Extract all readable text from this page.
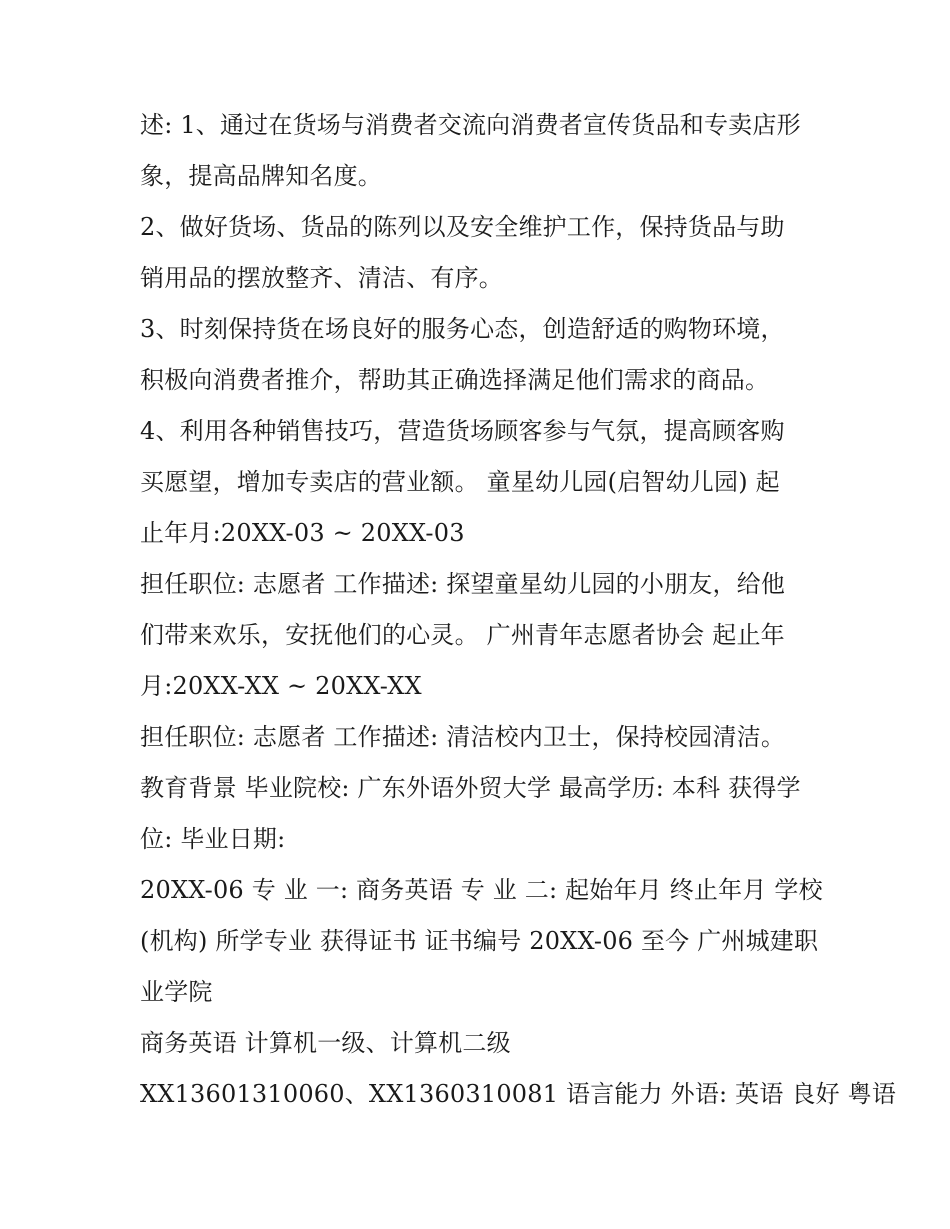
述: 1、通过在货场与消费者交流向消费者宣传货品和专卖店形
象，提高品牌知名度。
2、做好货场、货品的陈列以及安全维护工作，保持货品与助
销用品的摆放整齐、清洁、有序。
3、时刻保持货在场良好的服务心态，创造舒适的购物环境，
积极向消费者推介，帮助其正确选择满足他们需求的商品。
4、利用各种销售技巧，营造货场顾客参与气氛，提高顾客购
买愿望，增加专卖店的营业额。 童星幼儿园(启智幼儿园) 起
止年月:20XX-03 ~ 20XX-03
担任职位: 志愿者 工作描述: 探望童星幼儿园的小朋友，给他
们带来欢乐，安抚他们的心灵。 广州青年志愿者协会 起止年
月:20XX-XX ~ 20XX-XX
担任职位: 志愿者 工作描述: 清洁校内卫士，保持校园清洁。
教育背景 毕业院校: 广东外语外贸大学 最高学历: 本科 获得学
位: 毕业日期:
20XX-06 专 业 一: 商务英语 专 业 二: 起始年月 终止年月 学校
(机构) 所学专业 获得证书 证书编号 20XX-06 至今 广州城建职
业学院
商务英语 计算机一级、计算机二级
XX13601310060、XX1360310081 语言能力 外语: 英语 良好 粤语
